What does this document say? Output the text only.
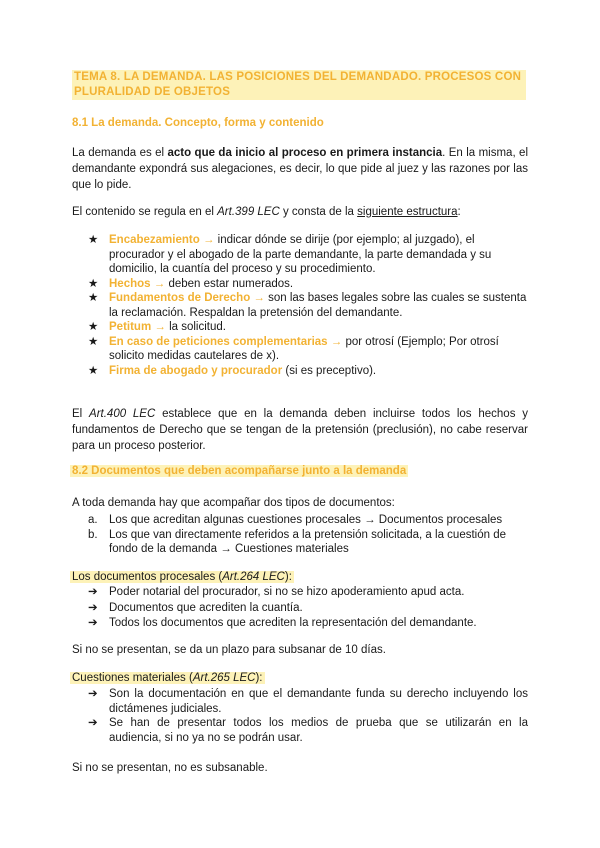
TEMA 8. LA DEMANDA. LAS POSICIONES DEL DEMANDADO. PROCESOS CON PLURALIDAD DE OBJETOS
8.1 La demanda. Concepto, forma y contenido

La demanda es el acto que da inicio al proceso en primera instancia. En la misma, el demandante expondrá sus alegaciones, es decir, lo que pide al juez y las razones por las que lo pide.

El contenido se regula en el Art.399 LEC y consta de la siguiente estructura:

★ Encabezamiento → indicar dónde se dirije (por ejemplo; al juzgado), el procurador y el abogado de la parte demandante, la parte demandada y su domicilio, la cuantía del proceso y su procedimiento.
★ Hechos → deben estar numerados.
★ Fundamentos de Derecho → son las bases legales sobre las cuales se sustenta la reclamación. Respaldan la pretensión del demandante.
★ Petitum → la solicitud.
★ En caso de peticiones complementarias → por otrosí (Ejemplo; Por otrosí solicito medidas cautelares de x).
★ Firma de abogado y procurador (si es preceptivo).

El Art.400 LEC establece que en la demanda deben incluirse todos los hechos y fundamentos de Derecho que se tengan de la pretensión (preclusión), no cabe reservar para un proceso posterior.

8.2 Documentos que deben acompañarse junto a la demanda

A toda demanda hay que acompañar dos tipos de documentos:

a. Los que acreditan algunas cuestiones procesales → Documentos procesales
b. Los que van directamente referidos a la pretensión solicitada, a la cuestión de fondo de la demanda → Cuestiones materiales

Los documentos procesales (Art.264 LEC):

➔ Poder notarial del procurador, si no se hizo apoderamiento apud acta.
➔ Documentos que acrediten la cuantía.
➔ Todos los documentos que acrediten la representación del demandante.

Si no se presentan, se da un plazo para subsanar de 10 días.

Cuestiones materiales (Art.265 LEC):

➔ Son la documentación en que el demandante funda su derecho incluyendo los dictámenes judiciales.
➔ Se han de presentar todos los medios de prueba que se utilizarán en la audiencia, si no ya no se podrán usar.

Si no se presentan, no es subsanable.
